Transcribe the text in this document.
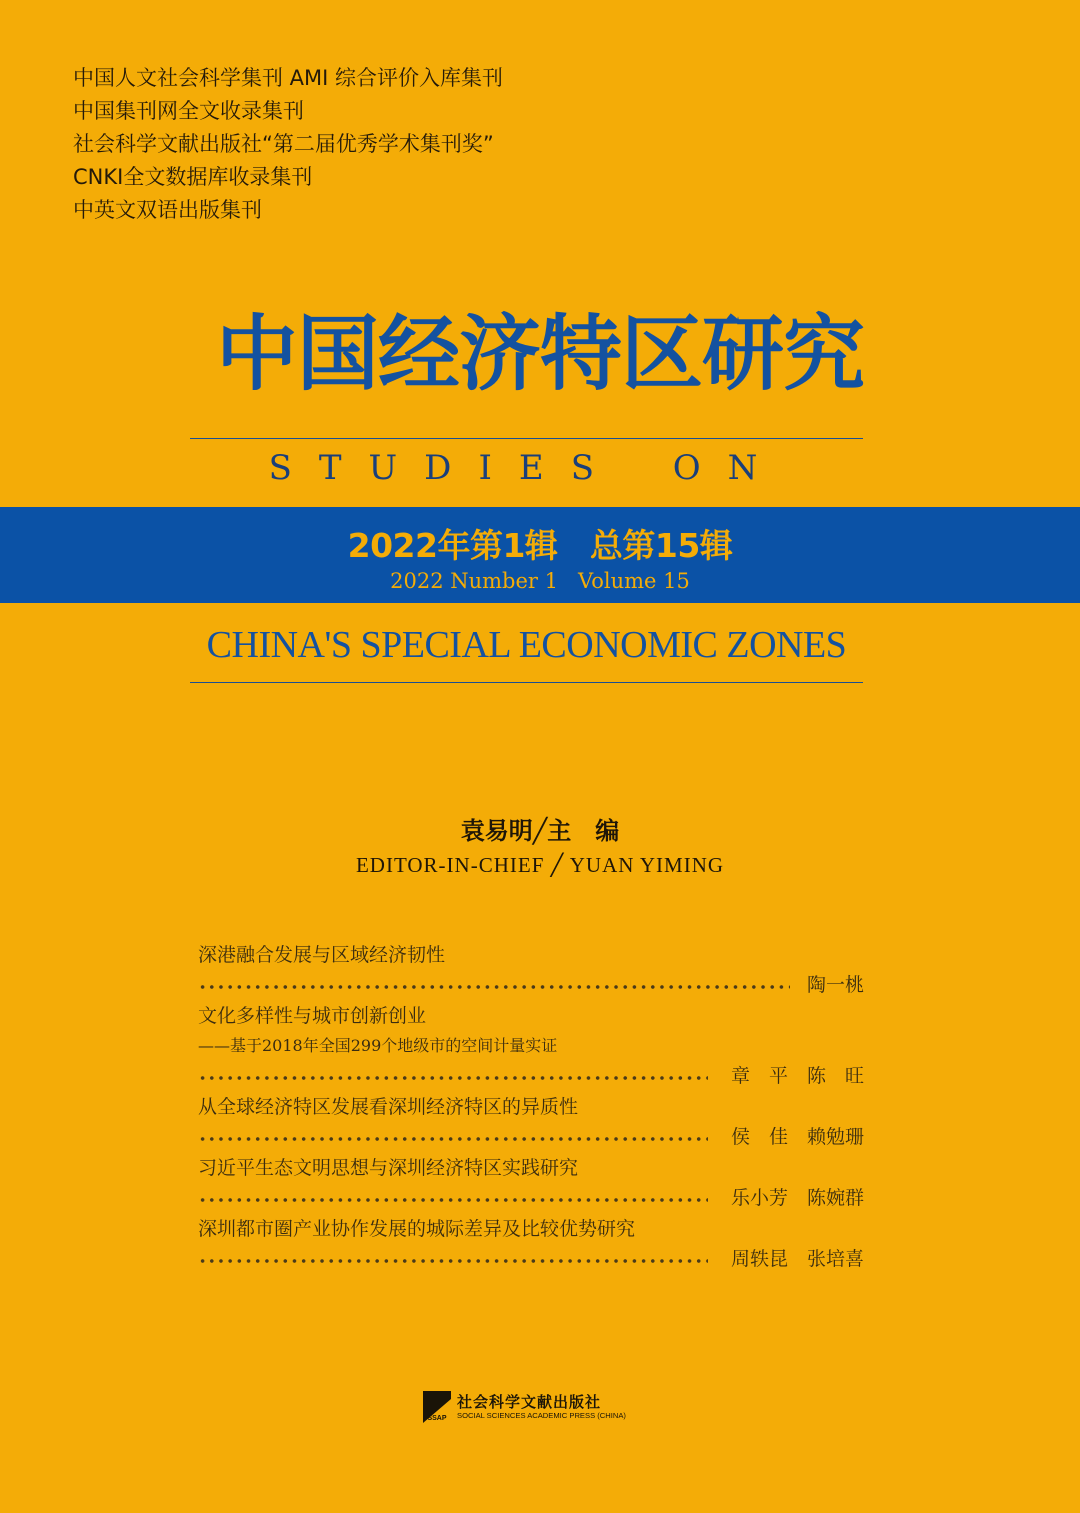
中国人文社会科学集刊 AMI 综合评价入库集刊
中国集刊网全文收录集刊
社会科学文献出版社“第二届优秀学术集刊奖”
CNKI全文数据库收录集刊
中英文双语出版集刊
中国经济特区研究
STUDIES ON
2022年第1辑　总第15辑
2022 Number 1   Volume 15
CHINA'S SPECIAL ECONOMIC ZONES
袁易明╱主　编
EDITOR-IN-CHIEF ╱ YUAN YIMING
深港融合发展与区域经济韧性
陶一桃
文化多样性与城市创新创业
——基于2018年全国299个地级市的空间计量实证
章　平　陈　旺
从全球经济特区发展看深圳经济特区的异质性
侯　佳　赖勉珊
习近平生态文明思想与深圳经济特区实践研究
乐小芳　陈婉群
深圳都市圈产业协作发展的城际差异及比较优势研究
周轶昆　张培喜
SSAP
社会科学文献出版社
SOCIAL SCIENCES ACADEMIC PRESS (CHINA)
